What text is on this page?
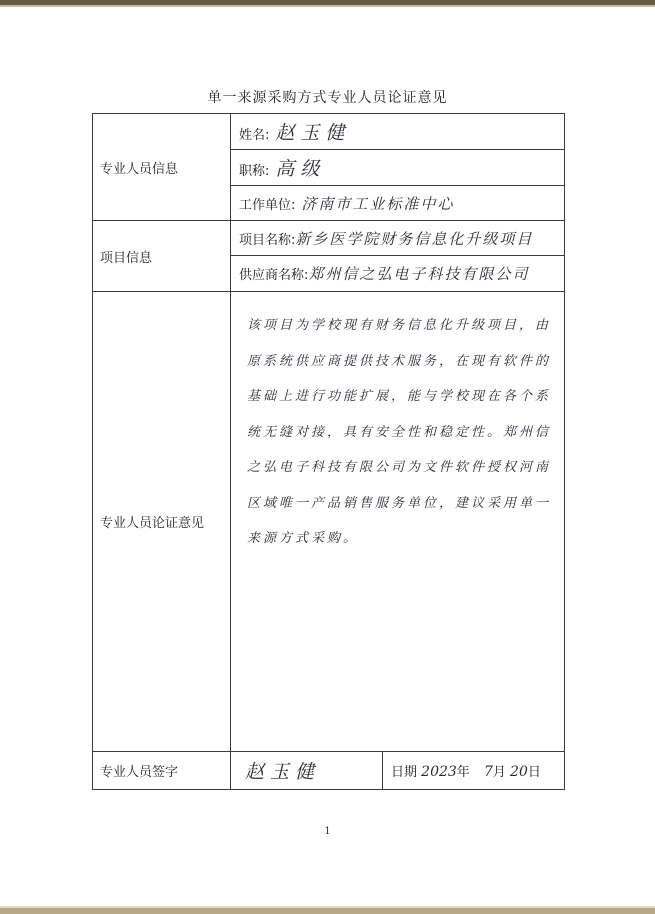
单一来源采购方式专业人员论证意见
专业人员信息	姓名: 赵玉健	
	职称: 高级	
	工作单位: 济南市工业标准中心	
项目信息	项目名称:新乡医学院财务信息化升级项目	
	供应商名称:郑州信之弘电子科技有限公司	
专业人员论证意见	该项目为学校现有财务信息化升级项目，由原系统供应商提供技术服务，在现有软件的基础上进行功能扩展，能与学校现在各个系统无缝对接，具有安全性和稳定性。郑州信之弘电子科技有限公司为文件软件授权河南区域唯一产品销售服务单位，建议采用单一来源方式采购。	
专业人员签字	赵玉健	日期 2023年 7月 20日
1
